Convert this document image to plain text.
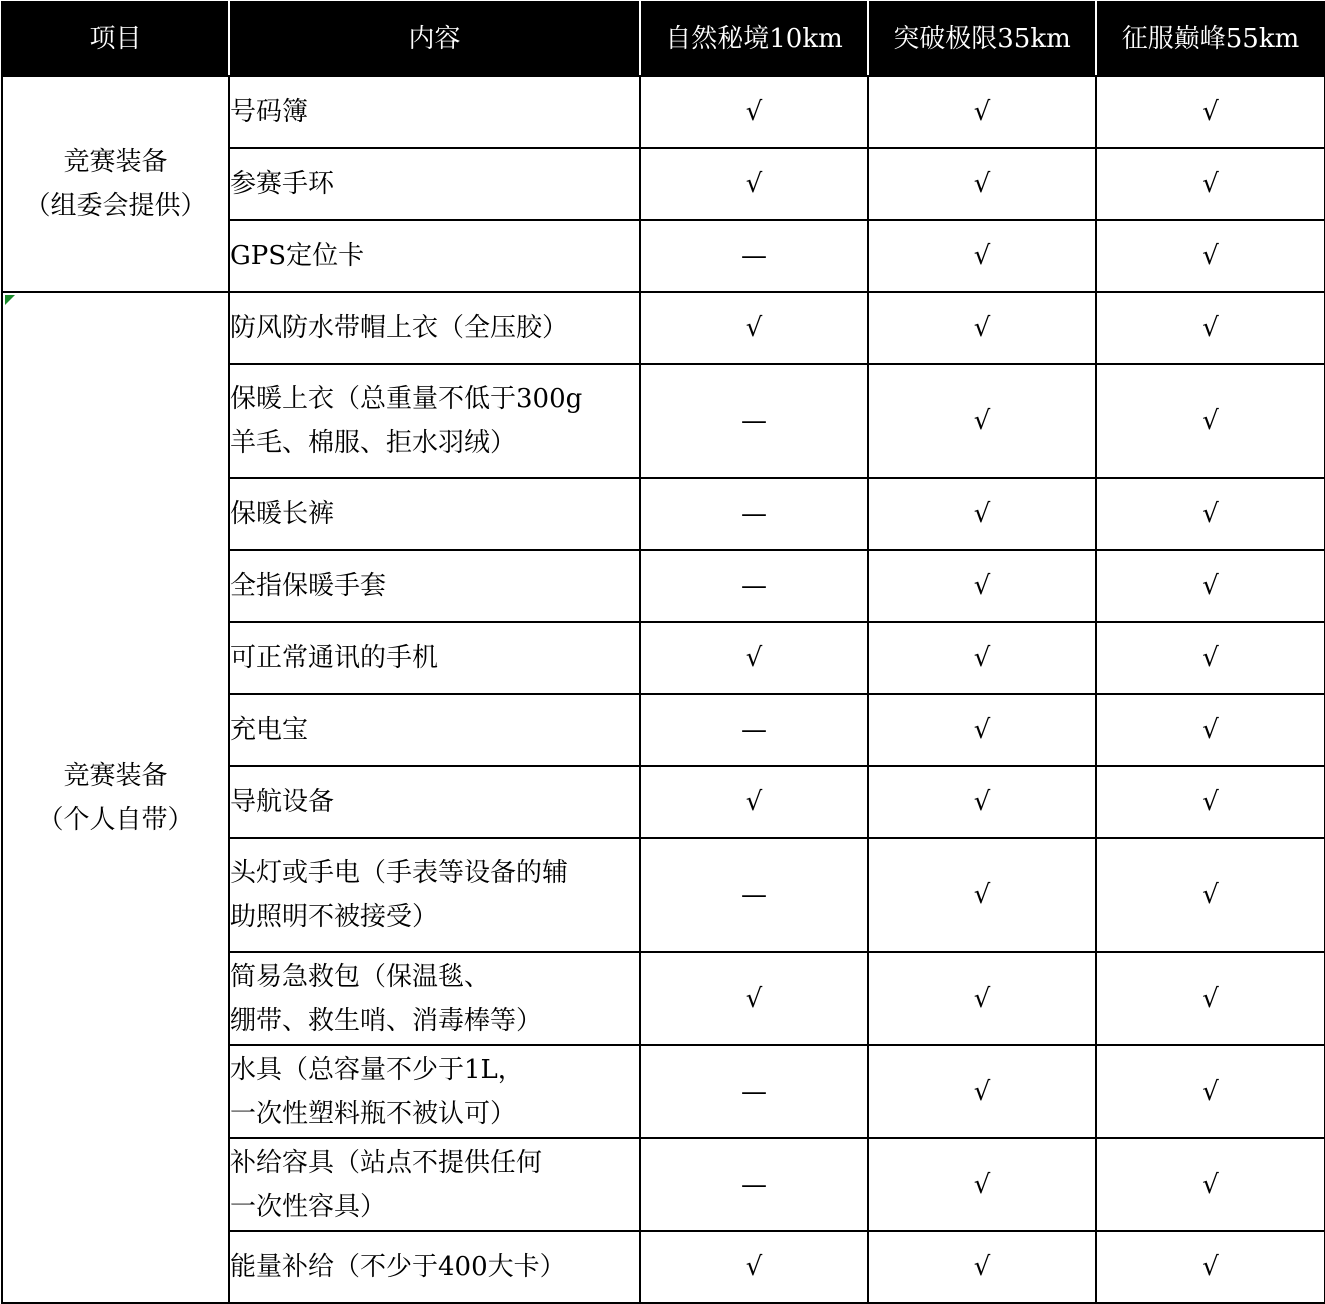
项目	内容	自然秘境10km	突破极限35km	征服巅峰55km

竞赛装备
（组委会提供）	号码簿	√	√	√

	参赛手环	√	√	√

	GPS定位卡	—	√	√

竞赛装备
（个人自带）	防风防水带帽上衣（全压胶）	√	√	√

	保暖上衣（总重量不低于300g
羊毛、棉服、拒水羽绒）	—	√	√

	保暖长裤	—	√	√

	全指保暖手套	—	√	√

	可正常通讯的手机	√	√	√

	充电宝	—	√	√

	导航设备	√	√	√

	头灯或手电（手表等设备的辅
助照明不被接受）	—	√	√

	简易急救包（保温毯、
绷带、救生哨、消毒棒等）	√	√	√

	水具（总容量不少于1L，
一次性塑料瓶不被认可）	—	√	√

	补给容具（站点不提供任何
一次性容具）	—	√	√

	能量补给（不少于400大卡）	√	√	√
